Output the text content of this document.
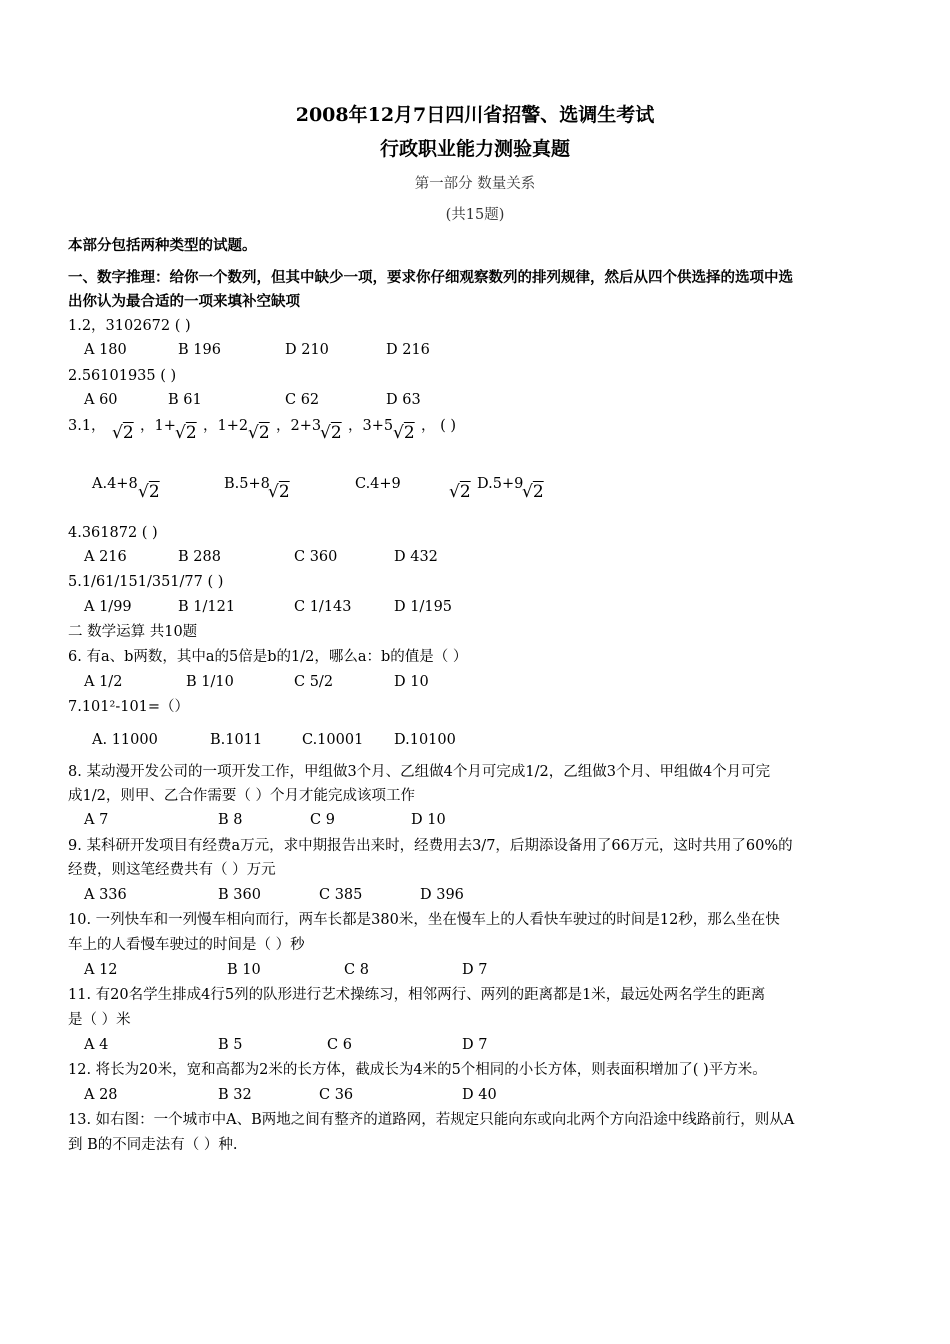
2008年12月7日四川省招警、选调生考试
行政职业能力测验真题
第一部分 数量关系
(共15题)
本部分包括两种类型的试题。
一、数字推理：给你一个数列，但其中缺少一项，要求你仔细观察数列的排列规律，然后从四个供选择的选项中选
出你认为最合适的一项来填补空缺项
1.2，3102672 ( )
A 180	B 196	D 210	D 216
2.56101935 ( )
A 60	B 61	C 62	D 63
3.1， √2 ，1+ √2 ，1+2 √2 ，2+3
√2 ，3+5 √2 ， ( )
A.4+8 √2	B.5+8
√2	C.4+9	√2 D.5+9
√2
4.361872 ( )
A 216	B 288	C 360	D 432
5.1/61/151/351/77 ( )
A 1/99	B 1/121	C 1/143	D 1/195
二 数学运算 共10题
6. 有a、b两数，其中a的5倍是b的1/2，哪么a：b的值是（ ）
A 1/2	B 1/10	C 5/2	D 10
7.101²-101=（）
A. 11000	B.1011	C.10001 D.10100
8. 某动漫开发公司的一项开发工作，甲组做3个月、乙组做4个月可完成1/2，乙组做3个月、甲组做4个月可完
成1/2，则甲、乙合作需要（ ）个月才能完成该项工作
A 7	B 8	C 9	D 10
9. 某科研开发项目有经费a万元，求中期报告出来时，经费用去3/7，后期添设备用了66万元，这时共用了60%的
经费，则这笔经费共有（ ）万元
A 336	B 360	C 385	D 396
10. 一列快车和一列慢车相向而行，两车长都是380米，坐在慢车上的人看快车驶过的时间是12秒，那么坐在快
车上的人看慢车驶过的时间是（ ）秒
A 12	B 10	C 8	D 7
11. 有20名学生排成4行5列的队形进行艺术操练习，相邻两行、两列的距离都是1米，最远处两名学生的距离
是（ ）米
A 4	B 5	C 6	D 7
12. 将长为20米，宽和高都为2米的长方体，截成长为4米的5个相同的小长方体，则表面积增加了( )平方米。
A 28	B 32	C 36	D 40
13. 如右图：一个城市中A、B两地之间有整齐的道路网，若规定只能向东或向北两个方向沿途中线路前行，则从A
到 B的不同走法有（ ）种.
